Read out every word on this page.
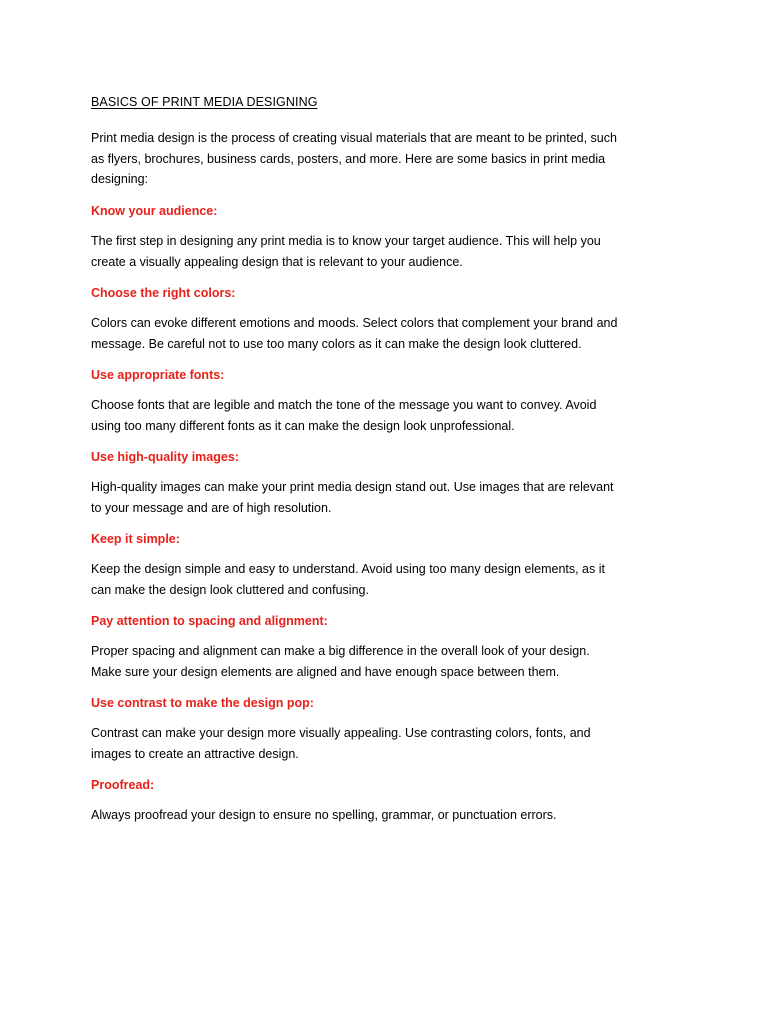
BASICS OF PRINT MEDIA DESIGNING

Print media design is the process of creating visual materials that are meant to be printed, such
as flyers, brochures, business cards, posters, and more. Here are some basics in print media
designing:

Know your audience:

The first step in designing any print media is to know your target audience. This will help you
create a visually appealing design that is relevant to your audience.

Choose the right colors:

Colors can evoke different emotions and moods. Select colors that complement your brand and
message. Be careful not to use too many colors as it can make the design look cluttered.

Use appropriate fonts:

Choose fonts that are legible and match the tone of the message you want to convey. Avoid
using too many different fonts as it can make the design look unprofessional.

Use high-quality images:

High-quality images can make your print media design stand out. Use images that are relevant
to your message and are of high resolution.

Keep it simple:

Keep the design simple and easy to understand. Avoid using too many design elements, as it
can make the design look cluttered and confusing.

Pay attention to spacing and alignment:

Proper spacing and alignment can make a big difference in the overall look of your design.
Make sure your design elements are aligned and have enough space between them.

Use contrast to make the design pop:

Contrast can make your design more visually appealing. Use contrasting colors, fonts, and
images to create an attractive design.

Proofread:

Always proofread your design to ensure no spelling, grammar, or punctuation errors.
